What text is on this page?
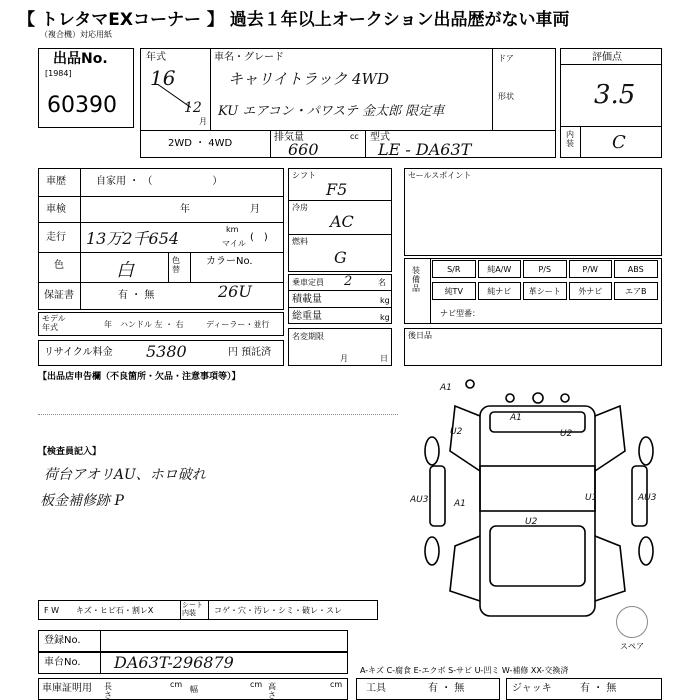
【 トレタマEXコーナー 】 過去１年以上オークション出品歴がない車両
（複合機）対応用紙
出品No.
[1984]
60390
年式
16
12
月
車名・グレード
キャリイトラック 4WD
KU エアコン・パワステ 金太郎 限定車
ドア
形状
2WD ・ 4WD
排気量	cc
660
型式
LE - DA63T
評価点
3.5
内装 C
車歴	自家用 ・ （　　　　　　）
車検	年	月
走行 13万2千654	km
マイル
(　)
色	白	色替
カラーNo.
保証書	有 ・ 無	26U
モデル年式	年 ハンドル 左 ・ 右	ディーラー・並行
リサイクル料金 5380	円 預託済
シフト
F5
冷房
AC
燃料
G
乗車定員 2	名
積載量	kg
総重量	kg
名変期限
月	日
セールスポイント
装備品
S/R	純A/W	P/S	P/W	ABS
純TV	純ナビ	革シート	外ナビ	エアB
ナビ型番：
後日品
【出品店申告欄（不良箇所・欠品・注意事項等）】
【検査員記入】
荷台アオリAU、ホロ破れ
板金補修跡 P
A1
A1
U2
U2
U1
AU3	AU3
A1
U2
スペア
A-キズ C-腐食 E-エクボ S-サビ U-凹ミ W-補修 XX-交換済
F W キズ・ヒビ石・割レX
シート内装	コゲ・穴・汚レ・シミ・破レ・スレ
登録No.
車台No. DA63T-296879
車庫証明用 長さ
cm
幅
cm 高さ
cm 工具	有 ・ 無	ジャッキ	有 ・ 無
